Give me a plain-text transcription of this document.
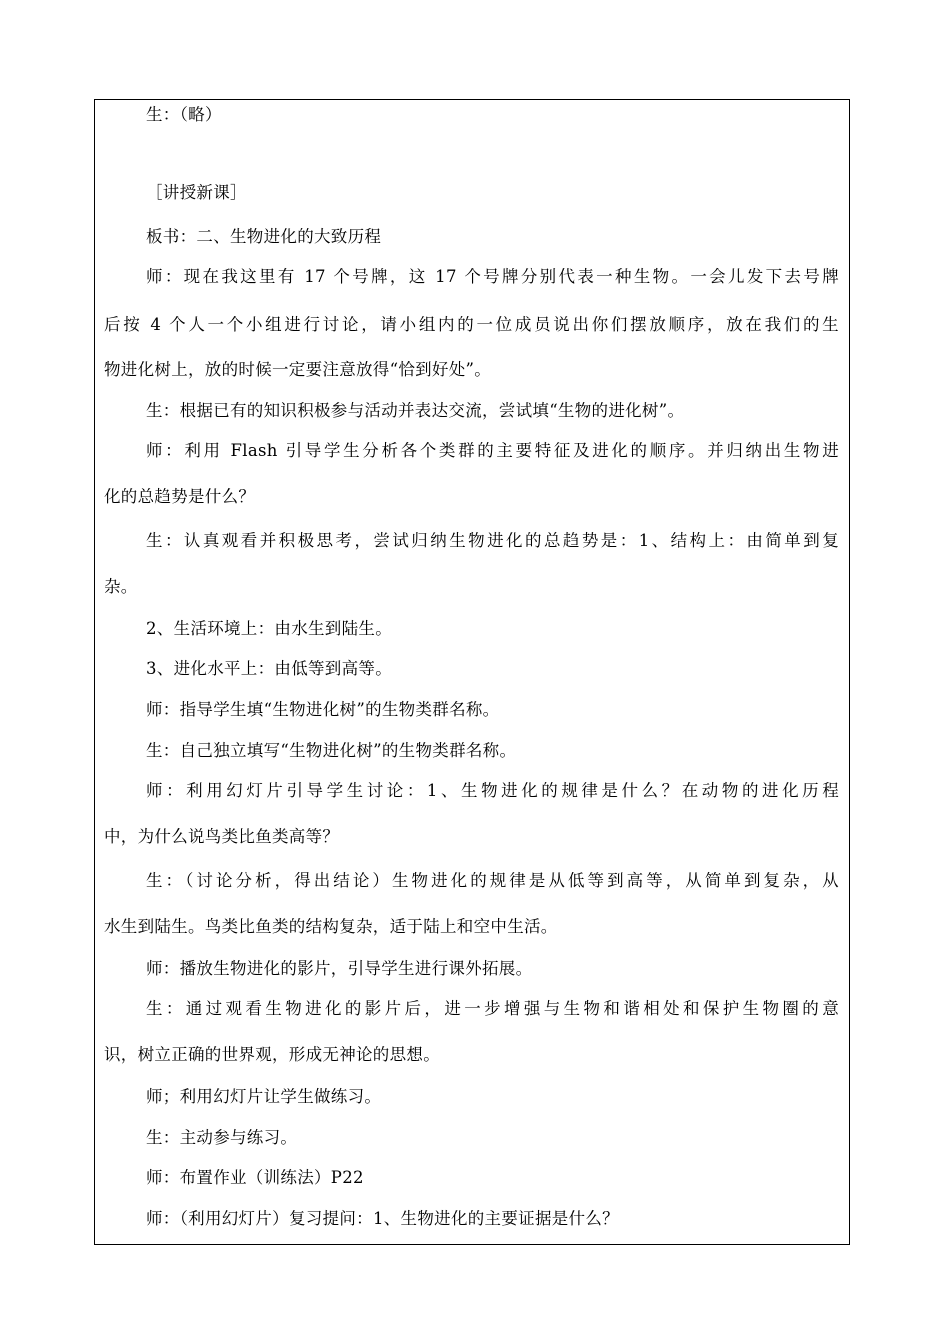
生：（略）
［讲授新课］
板书：二、生物进化的大致历程
师：现在我这里有 17 个号牌，这 17 个号牌分别代表一种生物。一会儿发下去号牌
后按 4 个人一个小组进行讨论，请小组内的一位成员说出你们摆放顺序，放在我们的生
物进化树上，放的时候一定要注意放得“恰到好处”。
生：根据已有的知识积极参与活动并表达交流，尝试填“生物的进化树”。
师：利用 Flash 引导学生分析各个类群的主要特征及进化的顺序。并归纳出生物进
化的总趋势是什么？
生：认真观看并积极思考，尝试归纳生物进化的总趋势是：1、结构上：由简单到复
杂。
2、生活环境上：由水生到陆生。
3、进化水平上：由低等到高等。
师：指导学生填“生物进化树”的生物类群名称。
生：自己独立填写“生物进化树”的生物类群名称。
师：利用幻灯片引导学生讨论：1、生物进化的规律是什么？在动物的进化历程
中，为什么说鸟类比鱼类高等？
生：（讨论分析，得出结论）生物进化的规律是从低等到高等，从简单到复杂，从
水生到陆生。鸟类比鱼类的结构复杂，适于陆上和空中生活。
师：播放生物进化的影片，引导学生进行课外拓展。
生：通过观看生物进化的影片后，进一步增强与生物和谐相处和保护生物圈的意
识，树立正确的世界观，形成无神论的思想。
师；利用幻灯片让学生做练习。
生：主动参与练习。
师：布置作业（训练法）P22
师：（利用幻灯片）复习提问：1、生物进化的主要证据是什么？
